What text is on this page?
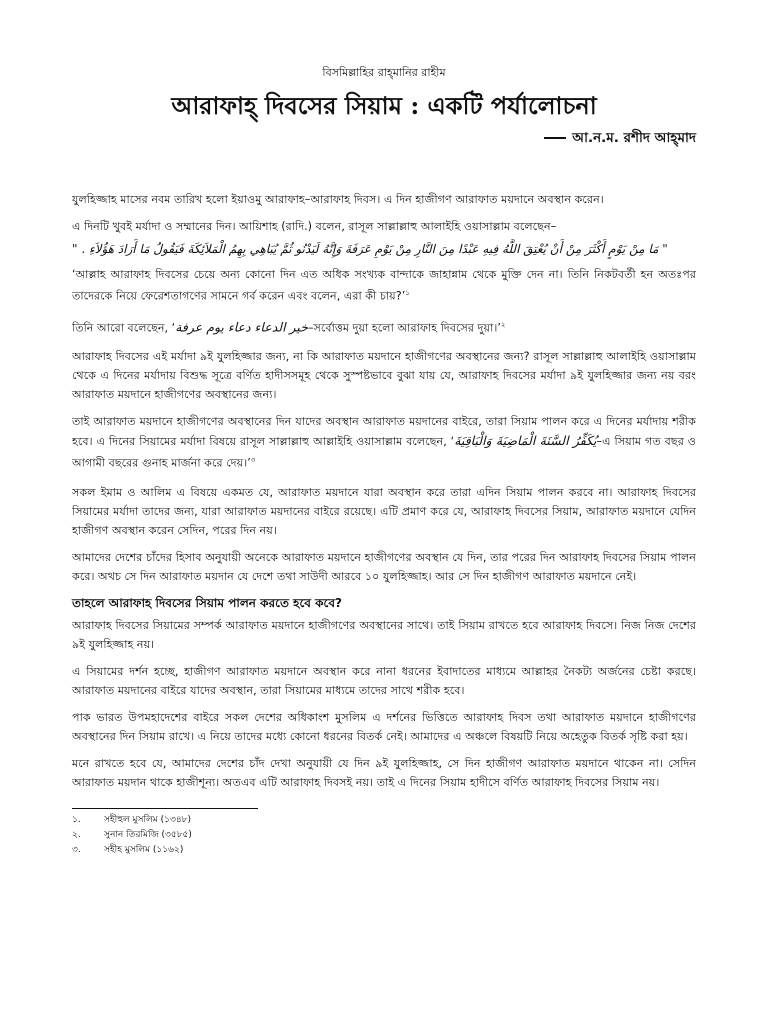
বিসমিল্লাহির রাহ্‌মানির রাহীম
আরাফাহ্ দিবসের সিয়াম : একটি পর্যালোচনা
আ.ন.ম. রশীদ আহ্‌মাদ

যুলহিজ্জাহ মাসের নবম তারিখ হলো ইয়াওমু আরাফাহ–আরাফাহ দিবস। এ দিন হাজীগণ আরাফাত ময়দানে অবস্থান করেন।

এ দিনটি খুবই মর্যাদা ও সম্মানের দিন। আয়িশাহ (রাদি.) বলেন, রাসূল সাল্লাল্লাহু আলাইহি ওয়াসাল্লাম বলেছেন–

" مَا مِنْ يَوْمٍ أَكْثَرَ مِنْ أَنْ يُعْتِقَ اللَّهُ فِيهِ عَبْدًا مِنَ النَّارِ مِنْ يَوْمِ عَرَفَةَ وَإِنَّهُ لَيَدْنُو ثُمَّ يُبَاهِي بِهِمُ الْمَلاَئِكَةَ فَيَقُولُ مَا أَرَادَ هَؤُلاَءِ . "

‘আল্লাহ আরাফাহ দিবসের চেয়ে অন্য কোনো দিন এত অধিক সংখ্যক বান্দাকে জাহান্নাম থেকে মুক্তি দেন না। তিনি নিকটবর্তী হন অতঃপর তাদেরকে নিয়ে ফেরেশতাগণের সামনে গর্ব করেন এবং বলেন, এরা কী চায়?’$^১$

তিনি আরো বলেছেন, ‘خير الدعاء دعاء يوم عرفة–সর্বোত্তম দুয়া হলো আরাফাহ দিবসের দুয়া।’$^২$

আরাফাহ দিবসের এই মর্যাদা ৯ই যুলহিজ্জার জন্য, না কি আরাফাত ময়দানে হাজীগণের অবস্থানের জন্য? রাসূল সাল্লাল্লাহু আলাইহি ওয়াসাল্লাম থেকে এ দিনের মর্যাদায় বিশুদ্ধ সূত্রে বর্ণিত হাদীসসমূহ থেকে সুস্পষ্টভাবে বুঝা যায় যে, আরাফাহ দিবসের মর্যাদা ৯ই যুলহিজ্জার জন্য নয় বরং আরাফাত ময়দানে হাজীগণের অবস্থানের জন্য।

তাই আরাফাত ময়দানে হাজীগণের অবস্থানের দিন যাদের অবস্থান আরাফাত ময়দানের বাইরে, তারা সিয়াম পালন করে এ দিনের মর্যাদায় শরীক হবে। এ দিনের সিয়ামের মর্যাদা বিষয়ে রাসূল সাল্লাল্লাহু আল্লাইহি ওয়াসাল্লাম বলেছেন, ‘يُكَفِّرُ السَّنَةَ الْمَاضِيَةَ وَالْبَاقِيَةَ–এ সিয়াম গত বছর ও আগামী বছরের গুনাহ মার্জনা করে দেয়।’$^৩$

সকল ইমাম ও আলিম এ বিষয়ে একমত যে, আরাফাত ময়দানে যারা অবস্থান করে তারা এদিন সিয়াম পালন করবে না। আরাফাহ দিবসের সিয়ামের মর্যাদা তাদের জন্য, যারা আরাফাত ময়দানের বাইরে রয়েছে। এটি প্রমাণ করে যে, আরাফাহ দিবসের সিয়াম, আরাফাত ময়দানে যেদিন হাজীগণ অবস্থান করেন সেদিন, পরের দিন নয়।

আমাদের দেশের চাঁদের হিসাব অনুযায়ী অনেকে আরাফাত ময়দানে হাজীগণের অবস্থান যে দিন, তার পরের দিন আরাফাহ দিবসের সিয়াম পালন করে। অথচ সে দিন আরাফাত ময়দান যে দেশে তথা সাউদী আরবে ১০ যুলহিজ্জাহ। আর সে দিন হাজীগণ আরাফাত ময়দানে নেই।

তাহলে আরাফাহ দিবসের সিয়াম পালন করতে হবে কবে?

আরাফাহ দিবসের সিয়ামের সম্পর্ক আরাফাত ময়দানে হাজীগণের অবস্থানের সাথে। তাই সিয়াম রাখতে হবে আরাফাহ দিবসে। নিজ নিজ দেশের ৯ই যুলহিজ্জাহ নয়।

এ সিয়ামের দর্শন হচ্ছে, হাজীগণ আরাফাত ময়দানে অবস্থান করে নানা ধরনের ইবাদাতের মাধ্যমে আল্লাহর নৈকট্য অর্জনের চেষ্টা করছে। আরাফাত ময়দানের বাইরে যাদের অবস্থান, তারা সিয়ামের মাধ্যমে তাদের সাথে শরীক হবে।

পাক ভারত উপমহাদেশের বাইরে সকল দেশের অধিকাংশ মুসলিম এ দর্শনের ভিত্তিতে আরাফাহ দিবস তথা আরাফাত ময়দানে হাজীগণের অবস্থানের দিন সিয়াম রাখে। এ নিয়ে তাদের মধ্যে কোনো ধরনের বিতর্ক নেই। আমাদের এ অঞ্চলে বিষয়টি নিয়ে অহেতুক বিতর্ক সৃষ্টি করা হয়।

মনে রাখতে হবে যে, আমাদের দেশের চাঁদ দেখা অনুযায়ী যে দিন ৯ই যুলহিজ্জাহ, সে দিন হাজীগণ আরাফাত ময়দানে থাকেন না। সেদিন আরাফাত ময়দান থাকে হাজীশূন্য। অতএব এটি আরাফাহ দিবসই নয়। তাই এ দিনের সিয়াম হাদীসে বর্ণিত আরাফাহ দিবসের সিয়াম নয়।

১.	সহীহুল মুসলিম (১৩৪৮)
২.	সুনান তিরমিজি (৩৫৮৫)
৩.	সহীহ মুসলিম (১১৬২)
